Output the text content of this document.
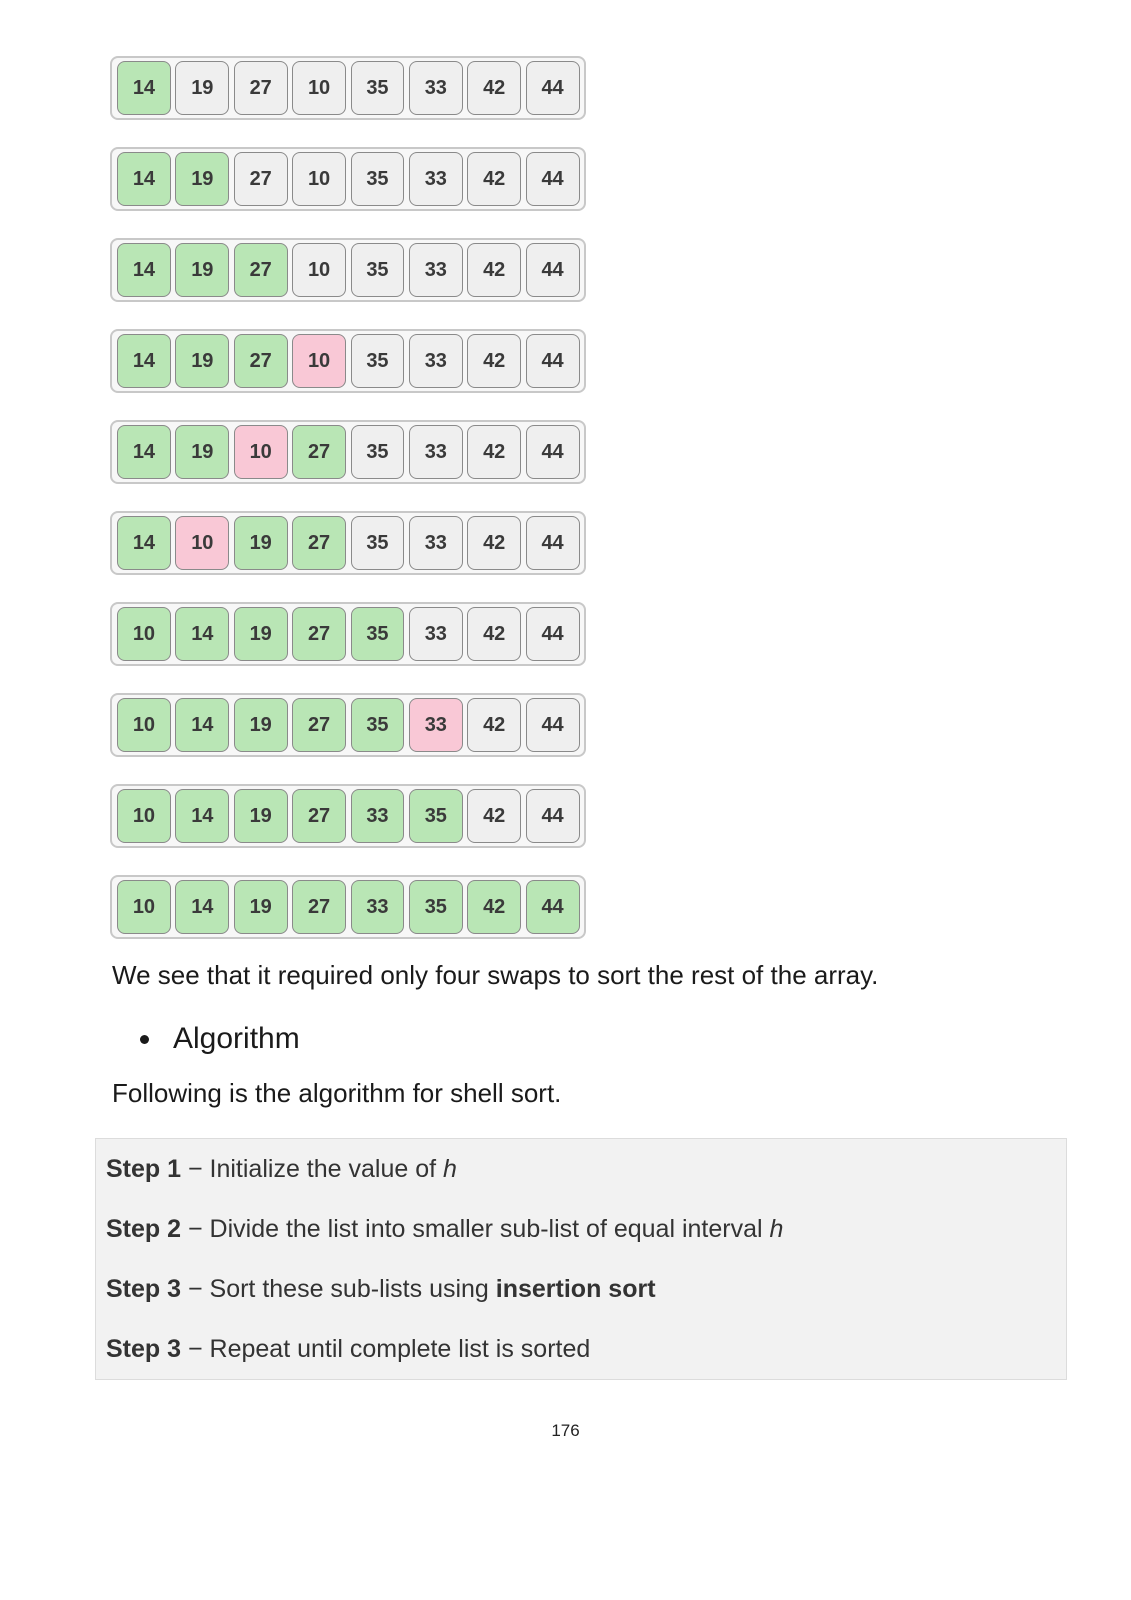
14	19	27	10	35	33	42	44
14	19	27	10	35	33	42	44
14	19	27	10	35	33	42	44
14	19	27	10	35	33	42	44
14	19	10	27	35	33	42	44
14	10	19	27	35	33	42	44
10	14	19	27	35	33	42	44
10	14	19	27	35	33	42	44
10	14	19	27	33	35	42	44
10	14	19	27	33	35	42	44

We see that it required only four swaps to sort the rest of the array.

Algorithm

Following is the algorithm for shell sort.

Step 1 − Initialize the value of h
Step 2 − Divide the list into smaller sub-list of equal interval h
Step 3 − Sort these sub-lists using insertion sort
Step 3 − Repeat until complete list is sorted
176
